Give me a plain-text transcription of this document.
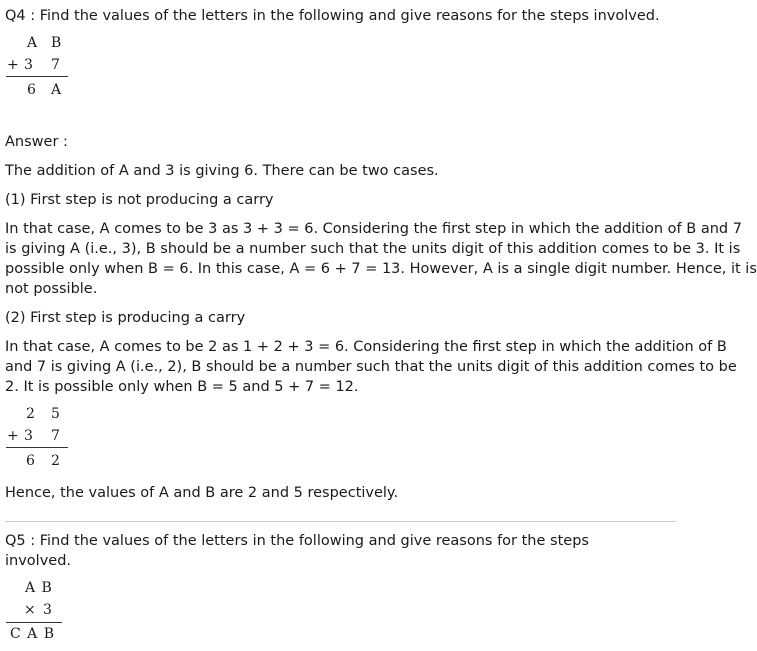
Q4 : Find the values of the letters in the following and give reasons for the steps involved.
A B
+ 3 7
6 A
Answer :
The addition of A and 3 is giving 6. There can be two cases.
(1) First step is not producing a carry
In that case, A comes to be 3 as 3 + 3 = 6. Considering the first step in which the addition of B and 7
is giving A (i.e., 3), B should be a number such that the units digit of this addition comes to be 3. It is
possible only when B = 6. In this case, A = 6 + 7 = 13. However, A is a single digit number. Hence, it is
not possible.
(2) First step is producing a carry
In that case, A comes to be 2 as 1 + 2 + 3 = 6. Considering the first step in which the addition of B
and 7 is giving A (i.e., 2), B should be a number such that the units digit of this addition comes to be
2. It is possible only when B = 5 and 5 + 7 = 12.
2 5
+ 3 7
6 2
Hence, the values of A and B are 2 and 5 respectively.
Q5 : Find the values of the letters in the following and give reasons for the steps
involved.
A B
× 3
C A B
